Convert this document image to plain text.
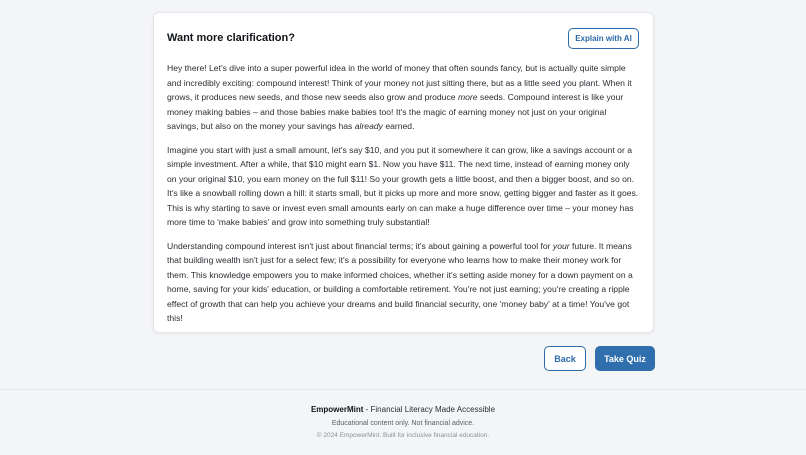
Want more clarification?	Explain with AI

Hey there! Let's dive into a super powerful idea in the world of money that often sounds fancy, but is actually quite simple and incredibly exciting: compound interest! Think of your money not just sitting there, but as a little seed you plant. When it grows, it produces new seeds, and those new seeds also grow and produce more seeds. Compound interest is like your money making babies – and those babies make babies too! It's the magic of earning money not just on your original savings, but also on the money your savings has already earned.

Imagine you start with just a small amount, let's say $10, and you put it somewhere it can grow, like a savings account or a simple investment. After a while, that $10 might earn $1. Now you have $11. The next time, instead of earning money only on your original $10, you earn money on the full $11! So your growth gets a little boost, and then a bigger boost, and so on. It's like a snowball rolling down a hill: it starts small, but it picks up more and more snow, getting bigger and faster as it goes. This is why starting to save or invest even small amounts early on can make a huge difference over time – your money has more time to 'make babies' and grow into something truly substantial!

Understanding compound interest isn't just about financial terms; it's about gaining a powerful tool for your future. It means that building wealth isn't just for a select few; it's a possibility for everyone who learns how to make their money work for them. This knowledge empowers you to make informed choices, whether it's setting aside money for a down payment on a home, saving for your kids' education, or building a comfortable retirement. You're not just earning; you're creating a ripple effect of growth that can help you achieve your dreams and build financial security, one 'money baby' at a time! You've got this!

Back	Take Quiz
EmpowerMint - Financial Literacy Made Accessible
Educational content only. Not financial advice.
© 2024 EmpowerMint. Built for inclusive financial education.
